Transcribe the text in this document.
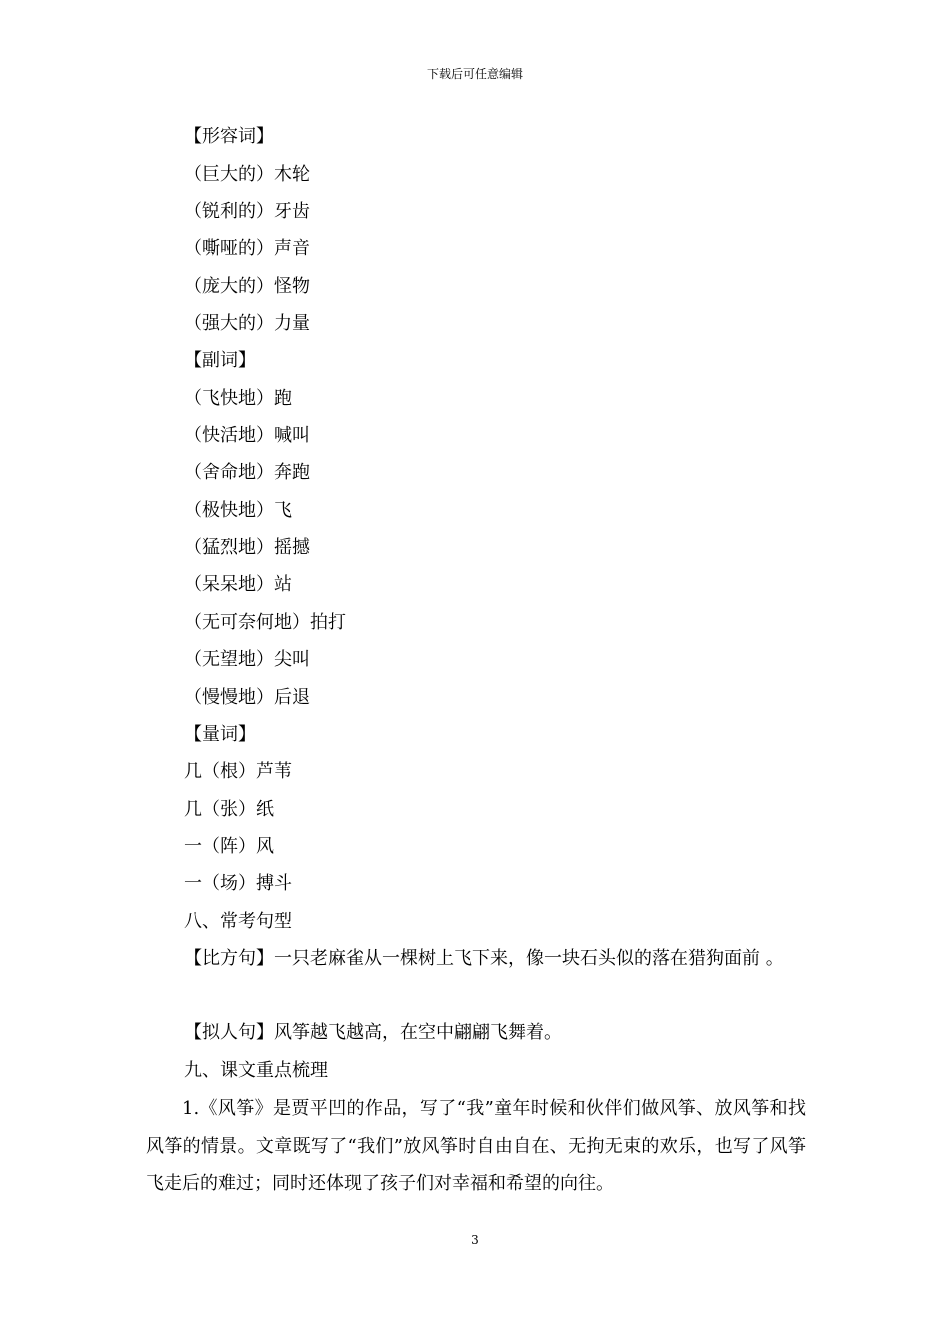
下载后可任意编辑
【形容词】
（巨大的）木轮
（锐利的）牙齿
（嘶哑的）声音
（庞大的）怪物
（强大的）力量
【副词】
（飞快地）跑
（快活地）喊叫
（舍命地）奔跑
（极快地）飞
（猛烈地）摇撼
（呆呆地）站
（无可奈何地）拍打
（无望地）尖叫
（慢慢地）后退
【量词】
几（根）芦苇
几（张）纸
一（阵）风
一（场）搏斗
八、常考句型
【比方句】一只老麻雀从一棵树上飞下来，像一块石头似的落在猎狗面前 。
【拟人句】风筝越飞越高，在空中翩翩飞舞着。
九、课文重点梳理
1.《风筝》是贾平凹的作品，写了“我”童年时候和伙伴们做风筝、放风筝和找风筝的情景。文章既写了“我们”放风筝时自由自在、无拘无束的欢乐，也写了风筝飞走后的难过；同时还体现了孩子们对幸福和希望的向往。
3
